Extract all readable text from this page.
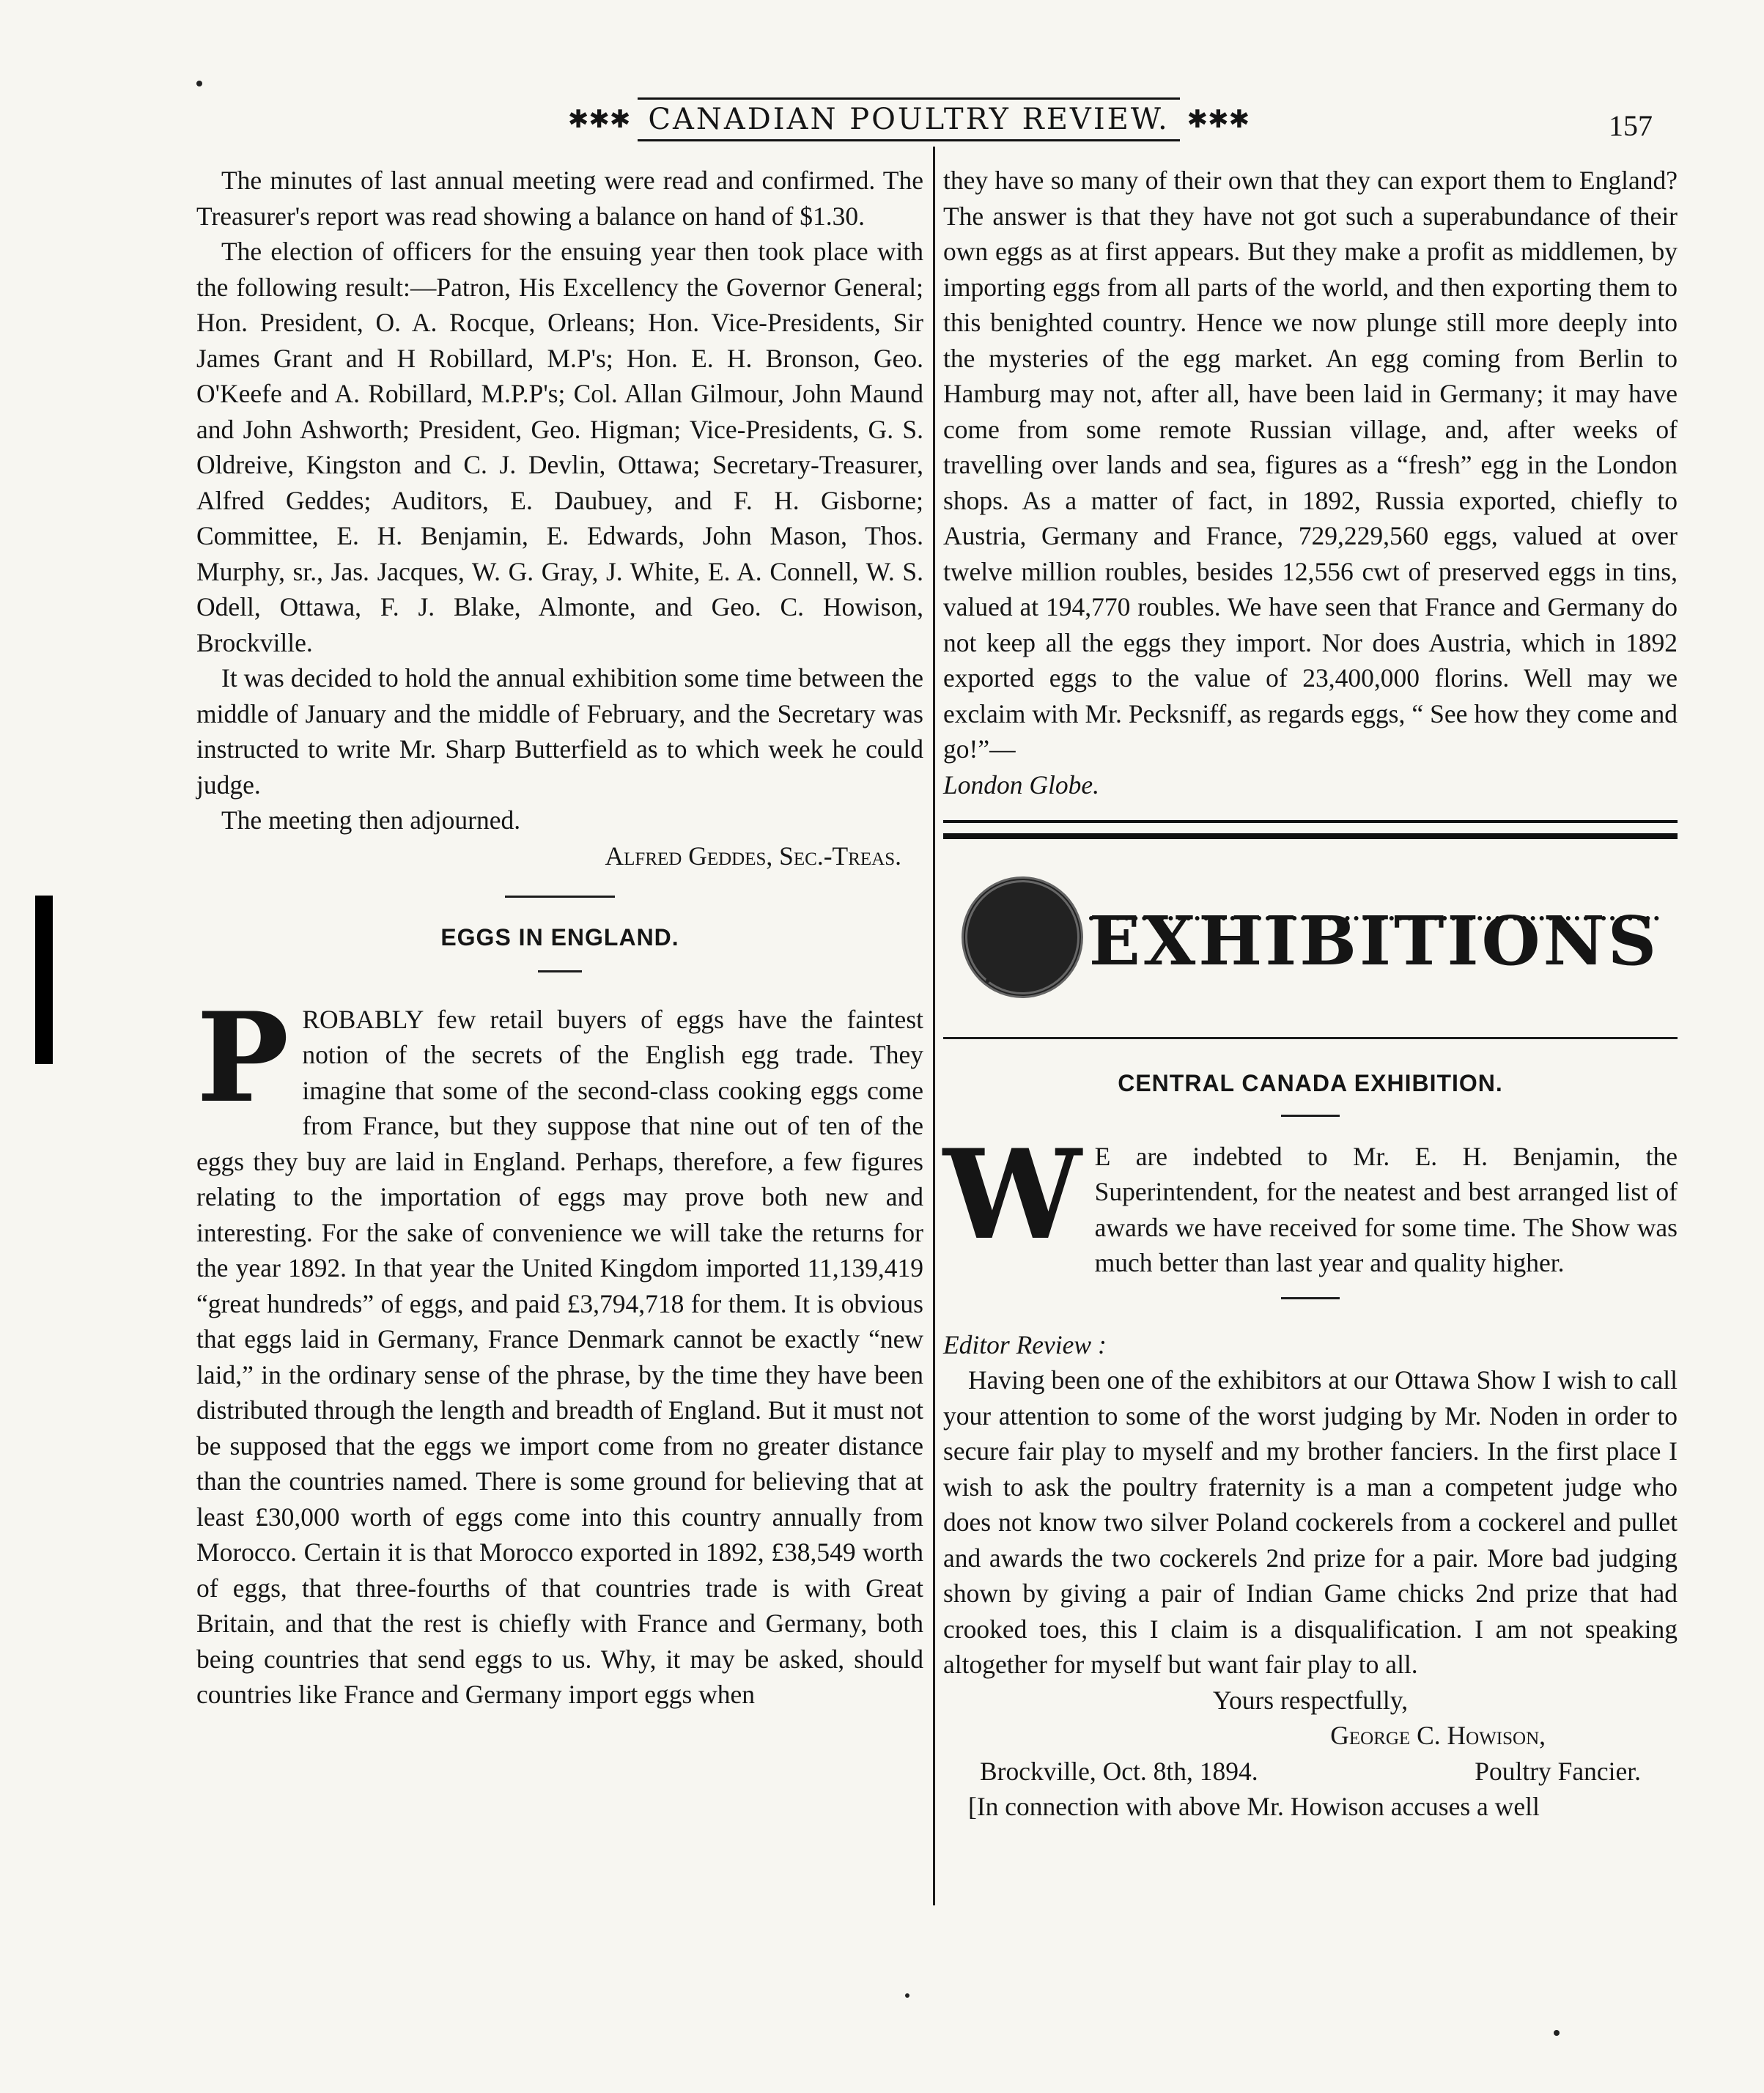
✱✱✱ CANADIAN POULTRY REVIEW. ✱✱✱	157

The minutes of last annual meeting were read and confirmed. The Treasurer's report was read showing a balance on hand of $1.30.

The election of officers for the ensuing year then took place with the following result:—Patron, His Excellency the Governor General; Hon. President, O. A. Rocque, Orleans; Hon. Vice-Presidents, Sir James Grant and H Robillard, M.P's; Hon. E. H. Bronson, Geo. O'Keefe and A. Robillard, M.P.P's; Col. Allan Gilmour, John Maund and John Ashworth; President, Geo. Higman; Vice-Presidents, G. S. Oldreive, Kingston and C. J. Devlin, Ottawa; Secretary-Treasurer, Alfred Geddes; Auditors, E. Daubuey, and F. H. Gisborne; Committee, E. H. Benjamin, E. Edwards, John Mason, Thos. Murphy, sr., Jas. Jacques, W. G. Gray, J. White, E. A. Connell, W. S. Odell, Ottawa, F. J. Blake, Almonte, and Geo. C. Howison, Brockville.

It was decided to hold the annual exhibition some time between the middle of January and the middle of February, and the Secretary was instructed to write Mr. Sharp Butterfield as to which week he could judge.

The meeting then adjourned.

Alfred Geddes, Sec.-Treas.
EGGS IN ENGLAND.

PROBABLY few retail buyers of eggs have the faintest notion of the secrets of the English egg trade. They imagine that some of the second-class cooking eggs come from France, but they suppose that nine out of ten of the eggs they buy are laid in England. Perhaps, therefore, a few figures relating to the importation of eggs may prove both new and interesting. For the sake of convenience we will take the returns for the year 1892. In that year the United Kingdom imported 11,139,419 “great hundreds” of eggs, and paid £3,794,718 for them. It is obvious that eggs laid in Germany, France Denmark cannot be exactly “new laid,” in the ordinary sense of the phrase, by the time they have been distributed through the length and breadth of England. But it must not be supposed that the eggs we import come from no greater distance than the countries named. There is some ground for believing that at least £30,000 worth of eggs come into this country annually from Morocco. Certain it is that Morocco exported in 1892, £38,549 worth of eggs, that three-fourths of that countries trade is with Great Britain, and that the rest is chiefly with France and Germany, both being countries that send eggs to us. Why, it may be asked, should countries like France and Germany import eggs when

they have so many of their own that they can export them to England? The answer is that they have not got such a superabundance of their own eggs as at first appears. But they make a profit as middlemen, by importing eggs from all parts of the world, and then exporting them to this benighted country. Hence we now plunge still more deeply into the mysteries of the egg market. An egg coming from Berlin to Hamburg may not, after all, have been laid in Germany; it may have come from some remote Russian village, and, after weeks of travelling over lands and sea, figures as a “fresh” egg in the London shops. As a matter of fact, in 1892, Russia exported, chiefly to Austria, Germany and France, 729,229,560 eggs, valued at over twelve million roubles, besides 12,556 cwt of preserved eggs in tins, valued at 194,770 roubles. We have seen that France and Germany do not keep all the eggs they import. Nor does Austria, which in 1892 exported eggs to the value of 23,400,000 florins. Well may we exclaim with Mr. Pecksniff, as regards eggs, “ See how they come and go!”—

London Globe.
EXHIBITIONS
CENTRAL CANADA EXHIBITION.

W E are indebted to Mr. E. H. Benjamin, the Superintendent, for the neatest and best arranged list of awards we have received for some time. The Show was much better than last year and quality higher.

Editor Review :

Having been one of the exhibitors at our Ottawa Show I wish to call your attention to some of the worst judging by Mr. Noden in order to secure fair play to myself and my brother fanciers. In the first place I wish to ask the poultry fraternity is a man a competent judge who does not know two silver Poland cockerels from a cockerel and pullet and awards the two cockerels 2nd prize for a pair. More bad judging shown by giving a pair of Indian Game chicks 2nd prize that had crooked toes, this I claim is a disqualification. I am not speaking altogether for myself but want fair play to all.

Yours respectfully,
George C. Howison,
Brockville, Oct. 8th, 1894.	Poultry Fancier.

[In connection with above Mr. Howison accuses a well
